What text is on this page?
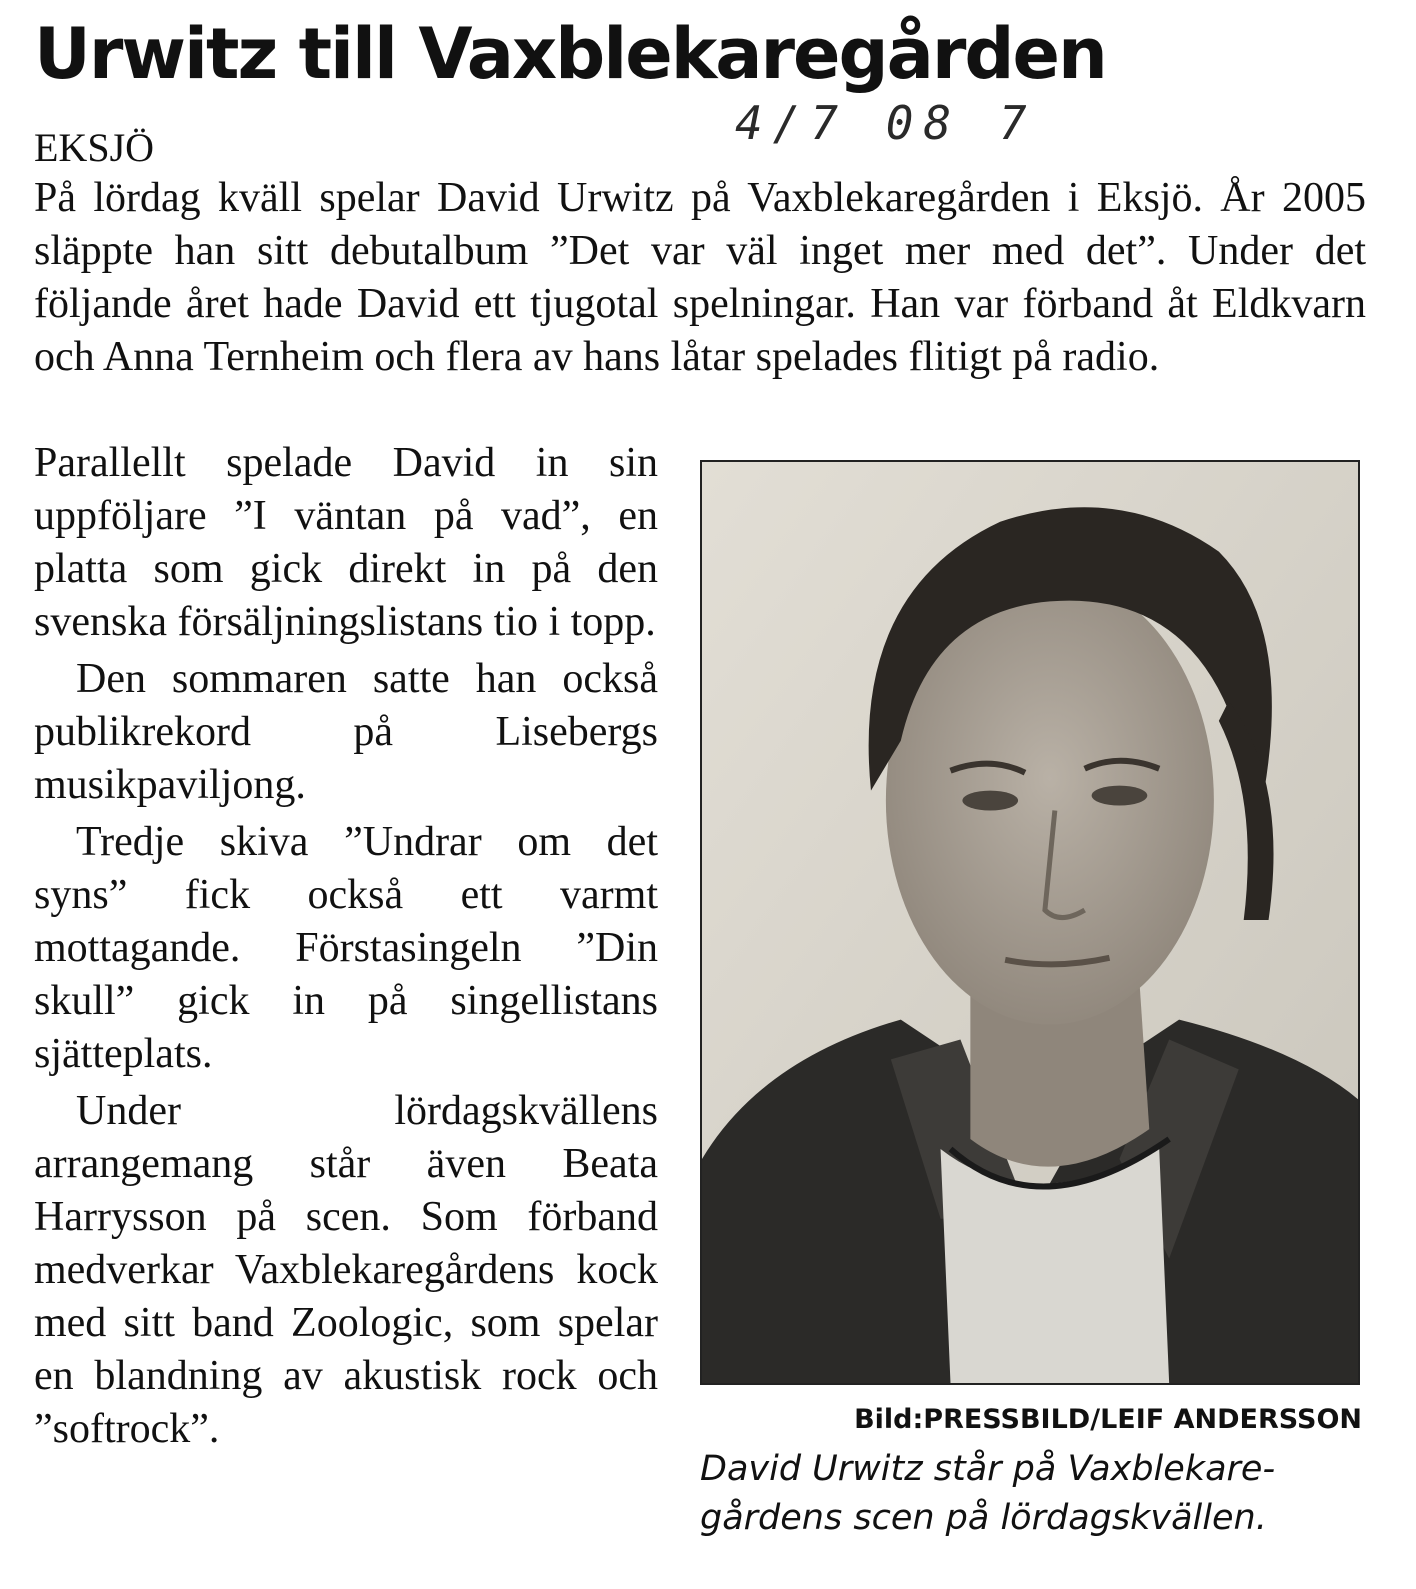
Urwitz till Vaxblekaregården
4/7 08 7
EKSJÖ

På lördag kväll spelar David Urwitz på Vaxblekaregården i Eksjö. År 2005 släppte han sitt debutalbum ”Det var väl inget mer med det”. Under det följande året hade David ett tjugotal spelningar. Han var förband åt Eldkvarn och Anna Ternheim och flera av hans låtar spelades flitigt på radio.

Parallellt spelade David in sin uppföljare ”I väntan på vad”, en platta som gick direkt in på den svenska försäljningslistans tio i topp.

Den sommaren satte han också publikrekord på Lisebergs musikpaviljong.

Tredje skiva ”Undrar om det syns” fick också ett varmt mottagande. Förstasingeln ”Din skull” gick in på singellistans sjätteplats.

Under lördagskvällens arrangemang står även Beata Harrysson på scen. Som förband medverkar Vaxblekaregårdens kock med sitt band Zoologic, som spelar en blandning av akustisk rock och ”softrock”.	Bild:PRESSBILD/LEIF ANDERSSON
David Urwitz står på Vaxblekare-
gårdens scen på lördagskvällen.
